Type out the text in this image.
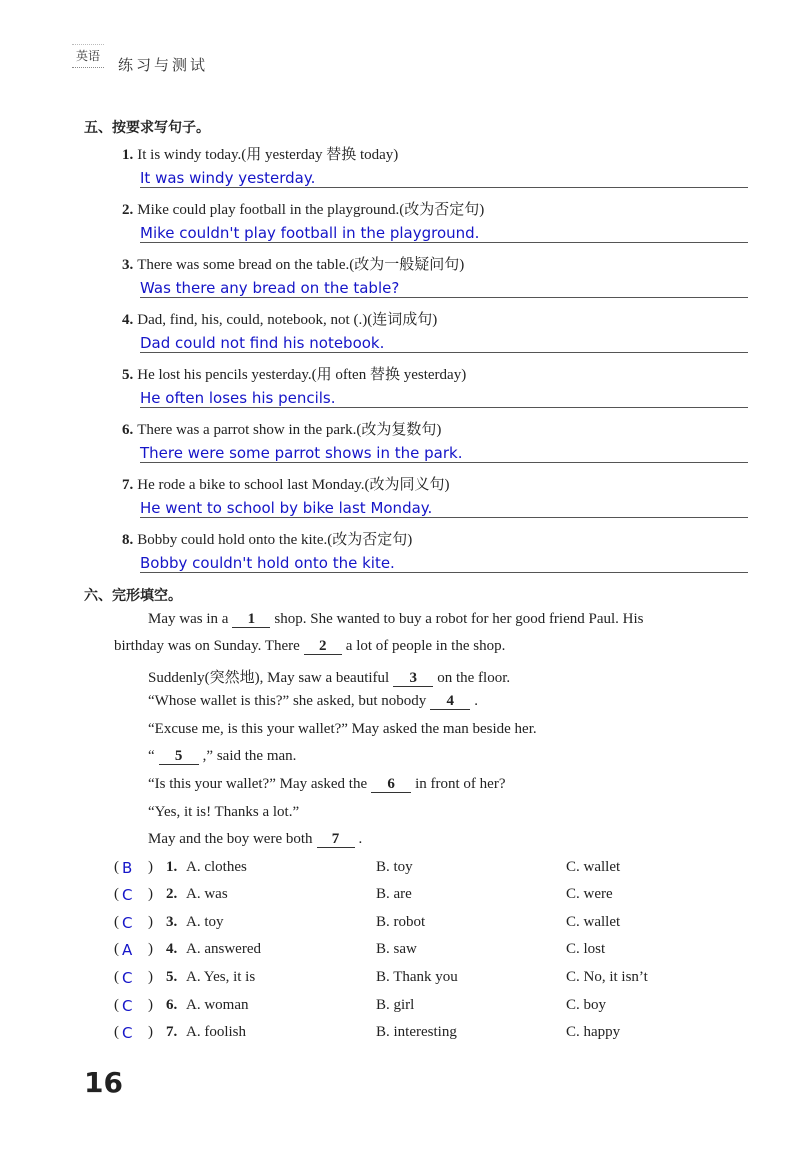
英语 练习与测试
五、按要求写句子。
1. It is windy today.(用 yesterday 替换 today)
It was windy yesterday.
2. Mike could play football in the playground.(改为否定句)
Mike couldn't play football in the playground.
3. There was some bread on the table.(改为一般疑问句)
Was there any bread on the table?
4. Dad, find, his, could, notebook, not (.)(连词成句)
Dad could not find his notebook.
5. He lost his pencils yesterday.(用 often 替换 yesterday)
He often loses his pencils.
6. There was a parrot show in the park.(改为复数句)
There were some parrot shows in the park.
7. He rode a bike to school last Monday.(改为同义句)
He went to school by bike last Monday.
8. Bobby could hold onto the kite.(改为否定句)
Bobby couldn't hold onto the kite.
六、完形填空。
May was in a 1 shop. She wanted to buy a robot for her good friend Paul. His
birthday was on Sunday. There 2 a lot of people in the shop.
Suddenly(突然地), May saw a beautiful 3 on the floor.
“Whose wallet is this?” she asked, but nobody 4 .
“Excuse me, is this your wallet?” May asked the man beside her.
“ 5 ,” said the man.
“Is this your wallet?” May asked the 6 in front of her?
“Yes, it is! Thanks a lot.”
May and the boy were both 7 .
( B ) 1. A. clothes	B. toy	C. wallet
( C ) 2. A. was	B. are	C. were
( C ) 3. A. toy	B. robot	C. wallet
( A ) 4. A. answered	B. saw	C. lost
( C ) 5. A. Yes, it is	B. Thank you	C. No, it isn’t
( C ) 6. A. woman	B. girl	C. boy
( C ) 7. A. foolish	B. interesting	C. happy
16
